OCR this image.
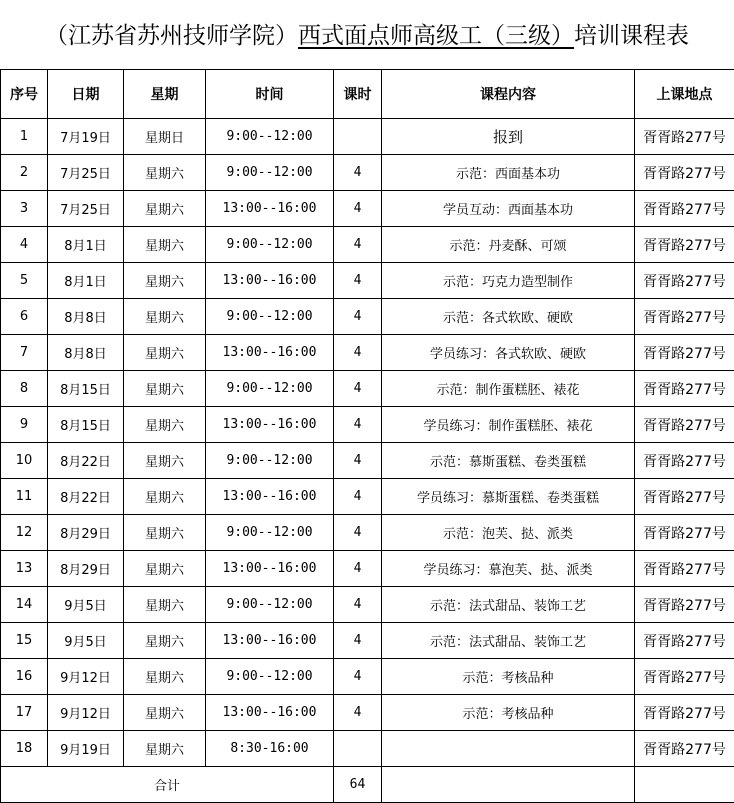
（江苏省苏州技师学院）西式面点师高级工（三级）培训课程表
序号	日期	星期	时间	课时	课程内容	上课地点
1	7月19日	星期日	9:00--12:00		报到	胥胥路277号
2	7月25日	星期六	9:00--12:00	4	示范：西面基本功	胥胥路277号
3	7月25日	星期六	13:00--16:00	4	学员互动：西面基本功	胥胥路277号
4	8月1日	星期六	9:00--12:00	4	示范：丹麦酥、可颂	胥胥路277号
5	8月1日	星期六	13:00--16:00	4	示范：巧克力造型制作	胥胥路277号
6	8月8日	星期六	9:00--12:00	4	示范：各式软欧、硬欧	胥胥路277号
7	8月8日	星期六	13:00--16:00	4	学员练习：各式软欧、硬欧	胥胥路277号
8	8月15日	星期六	9:00--12:00	4	示范：制作蛋糕胚、裱花	胥胥路277号
9	8月15日	星期六	13:00--16:00	4	学员练习：制作蛋糕胚、裱花	胥胥路277号
10	8月22日	星期六	9:00--12:00	4	示范：慕斯蛋糕、卷类蛋糕	胥胥路277号
11	8月22日	星期六	13:00--16:00	4	学员练习：慕斯蛋糕、卷类蛋糕	胥胥路277号
12	8月29日	星期六	9:00--12:00	4	示范：泡芙、挞、派类	胥胥路277号
13	8月29日	星期六	13:00--16:00	4	学员练习：慕泡芙、挞、派类	胥胥路277号
14	9月5日	星期六	9:00--12:00	4	示范：法式甜品、装饰工艺	胥胥路277号
15	9月5日	星期六	13:00--16:00	4	示范：法式甜品、装饰工艺	胥胥路277号
16	9月12日	星期六	9:00--12:00	4	示范：考核品种	胥胥路277号
17	9月12日	星期六	13:00--16:00	4	示范：考核品种	胥胥路277号
18	9月19日	星期六	8:30-16:00			胥胥路277号
合计				64		
